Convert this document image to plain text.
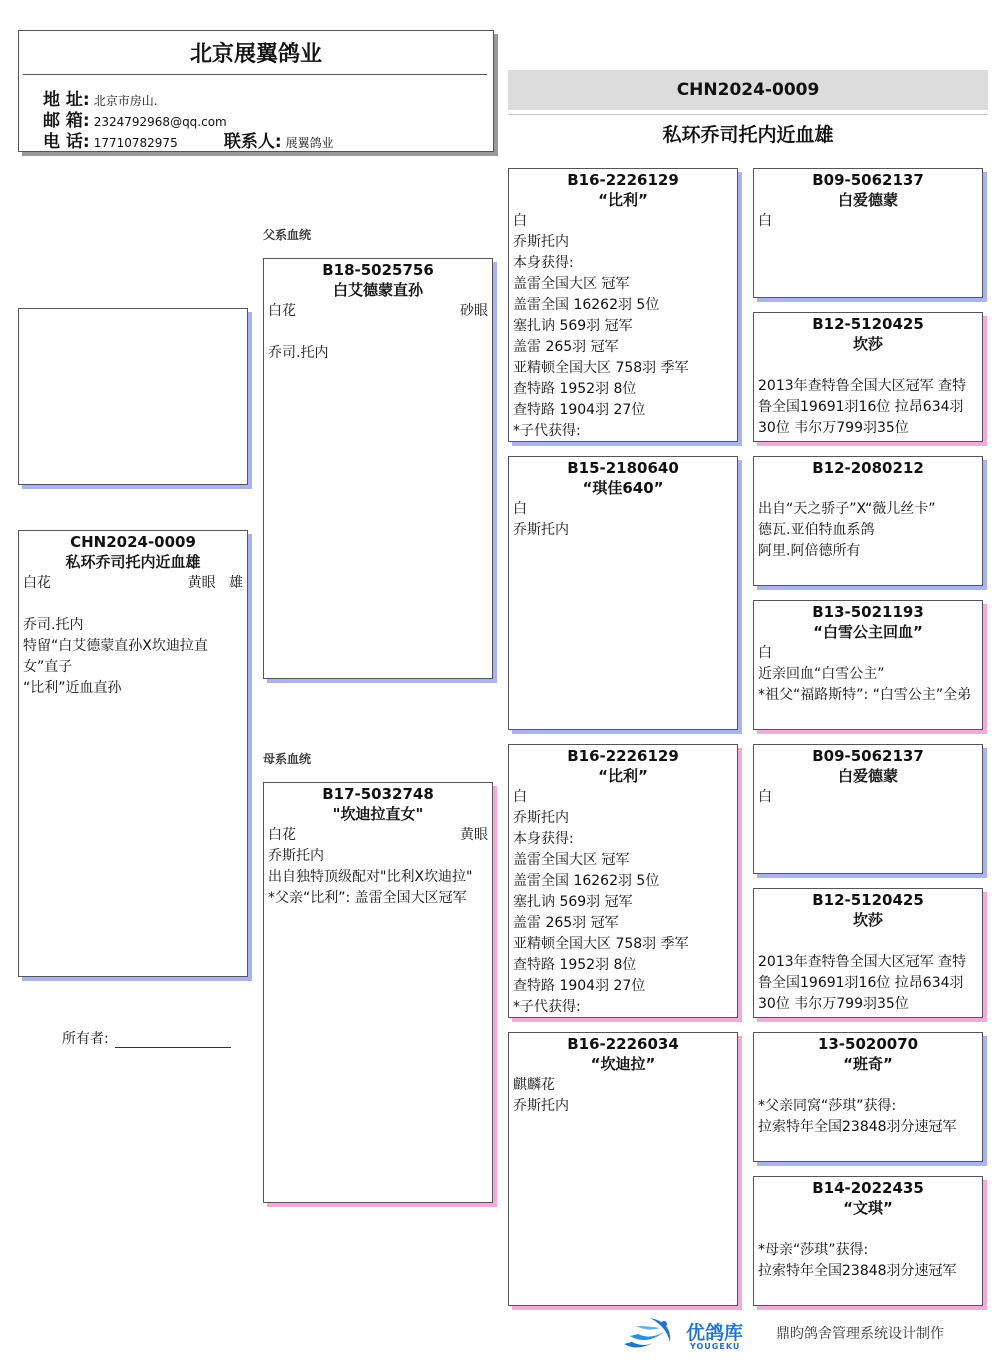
北京展翼鸽业
地 址: 北京市房山.
邮 箱: 2324792968@qq.com
电 话: 17710782975	联系人: 展翼鸽业
CHN2024-0009
私环乔司托内近血雄
CHN2024-0009
私环乔司托内近血雄
白花	黄眼 雄
乔司.托内
特留“白艾德蒙直孙X坎迪拉直女”直子
“比利”近血直孙
所有者:
父系血统
母系血统
B18-5025756
白艾德蒙直孙
白花	砂眼
乔司.托内
B17-5032748
"坎迪拉直女"
白花	黄眼
乔斯托内
出自独特顶级配对"比利X坎迪拉"
*父亲“比利”: 盖雷全国大区冠军
B16-2226129
“比利”
白
乔斯托内
本身获得:
盖雷全国大区 冠军
盖雷全国 16262羽 5位
塞扎讷 569羽 冠军
盖雷 265羽 冠军
亚精顿全国大区 758羽 季军
查特路 1952羽 8位
查特路 1904羽 27位
*子代获得:
B15-2180640
“琪佳640”
白
乔斯托内
B16-2226129
“比利”
白
乔斯托内
本身获得:
盖雷全国大区 冠军
盖雷全国 16262羽 5位
塞扎讷 569羽 冠军
盖雷 265羽 冠军
亚精顿全国大区 758羽 季军
查特路 1952羽 8位
查特路 1904羽 27位
*子代获得:
B16-2226034
“坎迪拉”
麒麟花
乔斯托内
B09-5062137
白爱德蒙
白
B12-5120425
坎莎
2013年查特鲁全国大区冠军 查特鲁全国19691羽16位 拉昂634羽30位 韦尔万799羽35位
B12-2080212
出自“天之骄子”X“薇儿丝卡”
德瓦.亚伯特血系鸽
阿里.阿倍德所有
B13-5021193
“白雪公主回血”
白
近亲回血“白雪公主”
*祖父“福路斯特”: “白雪公主”全弟
B09-5062137
白爱德蒙
白
B12-5120425
坎莎
2013年查特鲁全国大区冠军 查特鲁全国19691羽16位 拉昂634羽30位 韦尔万799羽35位
13-5020070
“班奇”
*父亲同窝“莎琪”获得:
拉索特年全国23848羽分速冠军
B14-2022435
“文琪”
*母亲“莎琪”获得:
拉索特年全国23848羽分速冠军
优鸽库
YOUGEKU
鼎昀鸽舍管理系统设计制作
